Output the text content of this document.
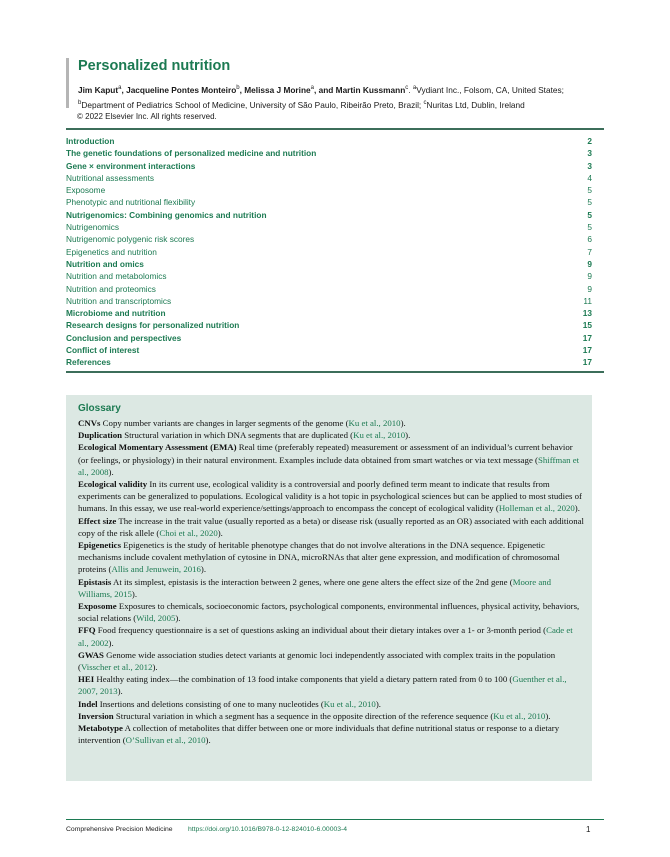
Personalized nutrition
Jim Kaput$^a$, Jacqueline Pontes Monteiro$^b$, Melissa J Morine$^a$, and Martin Kussmann$^c$. $^a$Vydiant Inc., Folsom, CA, United States;
$^b$Department of Pediatrics School of Medicine, University of São Paulo, Ribeirão Preto, Brazil; $^c$Nuritas Ltd, Dublin, Ireland
© 2022 Elsevier Inc. All rights reserved.
Introduction	2
The genetic foundations of personalized medicine and nutrition	3
Gene × environment interactions	3
Nutritional assessments	4
Exposome	5
Phenotypic and nutritional flexibility	5
Nutrigenomics: Combining genomics and nutrition	5
Nutrigenomics	5
Nutrigenomic polygenic risk scores	6
Epigenetics and nutrition	7
Nutrition and omics	9
Nutrition and metabolomics	9
Nutrition and proteomics	9
Nutrition and transcriptomics	11
Microbiome and nutrition	13
Research designs for personalized nutrition	15
Conclusion and perspectives	17
Conflict of interest	17
References	17
Glossary

CNVs Copy number variants are changes in larger segments of the genome (Ku et al., 2010).

Duplication Structural variation in which DNA segments that are duplicated (Ku et al., 2010).

Ecological Momentary Assessment (EMA) Real time (preferably repeated) measurement or assessment of an individual’s current behavior (or feelings, or physiology) in their natural environment. Examples include data obtained from smart watches or via text message (Shiffman et al., 2008).

Ecological validity In its current use, ecological validity is a controversial and poorly defined term meant to indicate that results from experiments can be generalized to populations. Ecological validity is a hot topic in psychological sciences but can be applied to most studies of humans. In this essay, we use real-world experience/settings/approach to encompass the concept of ecological validity (Holleman et al., 2020).

Effect size The increase in the trait value (usually reported as a beta) or disease risk (usually reported as an OR) associated with each additional copy of the risk allele (Choi et al., 2020).

Epigenetics Epigenetics is the study of heritable phenotype changes that do not involve alterations in the DNA sequence. Epigenetic mechanisms include covalent methylation of cytosine in DNA, microRNAs that alter gene expression, and modification of chromosomal proteins (Allis and Jenuwein, 2016).

Epistasis At its simplest, epistasis is the interaction between 2 genes, where one gene alters the effect size of the 2nd gene (Moore and Williams, 2015).

Exposome Exposures to chemicals, socioeconomic factors, psychological components, environmental influences, physical activity, behaviors, social relations (Wild, 2005).

FFQ Food frequency questionnaire is a set of questions asking an individual about their dietary intakes over a 1- or 3-month period (Cade et al., 2002).

GWAS Genome wide association studies detect variants at genomic loci independently associated with complex traits in the population (Visscher et al., 2012).

HEI Healthy eating index—the combination of 13 food intake components that yield a dietary pattern rated from 0 to 100 (Guenther et al., 2007, 2013).

Indel Insertions and deletions consisting of one to many nucleotides (Ku et al., 2010).

Inversion Structural variation in which a segment has a sequence in the opposite direction of the reference sequence (Ku et al., 2010).

Metabotype A collection of metabolites that differ between one or more individuals that define nutritional status or response to a dietary intervention (O’Sullivan et al., 2010).

Comprehensive Precision Medicine https://doi.org/10.1016/B978-0-12-824010-6.00003-4	1
